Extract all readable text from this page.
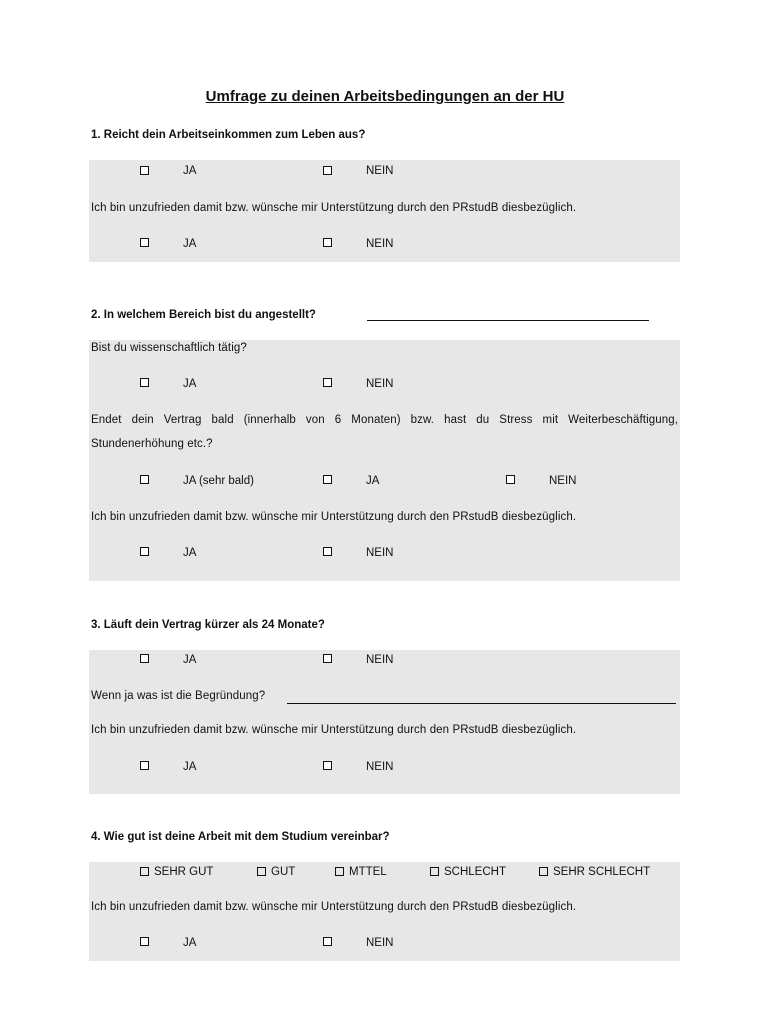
Umfrage zu deinen Arbeitsbedingungen an der HU
1. Reicht dein Arbeitseinkommen zum Leben aus?
JA	NEIN
Ich bin unzufrieden damit bzw. wünsche mir Unterstützung durch den PRstudB diesbezüglich.
JA	NEIN
2. In welchem Bereich bist du angestellt?
Bist du wissenschaftlich tätig?
JA	NEIN
Endet dein Vertrag bald (innerhalb von 6 Monaten) bzw. hast du Stress mit Weiterbeschäftigung,
Stundenerhöhung etc.?
JA (sehr bald)	JA	NEIN
Ich bin unzufrieden damit bzw. wünsche mir Unterstützung durch den PRstudB diesbezüglich.
JA	NEIN
3. Läuft dein Vertrag kürzer als 24 Monate?
JA	NEIN
Wenn ja was ist die Begründung?
Ich bin unzufrieden damit bzw. wünsche mir Unterstützung durch den PRstudB diesbezüglich.
JA	NEIN
4. Wie gut ist deine Arbeit mit dem Studium vereinbar?
SEHR GUT	GUT	MTTEL	SCHLECHT	SEHR SCHLECHT
Ich bin unzufrieden damit bzw. wünsche mir Unterstützung durch den PRstudB diesbezüglich.
JA	NEIN
